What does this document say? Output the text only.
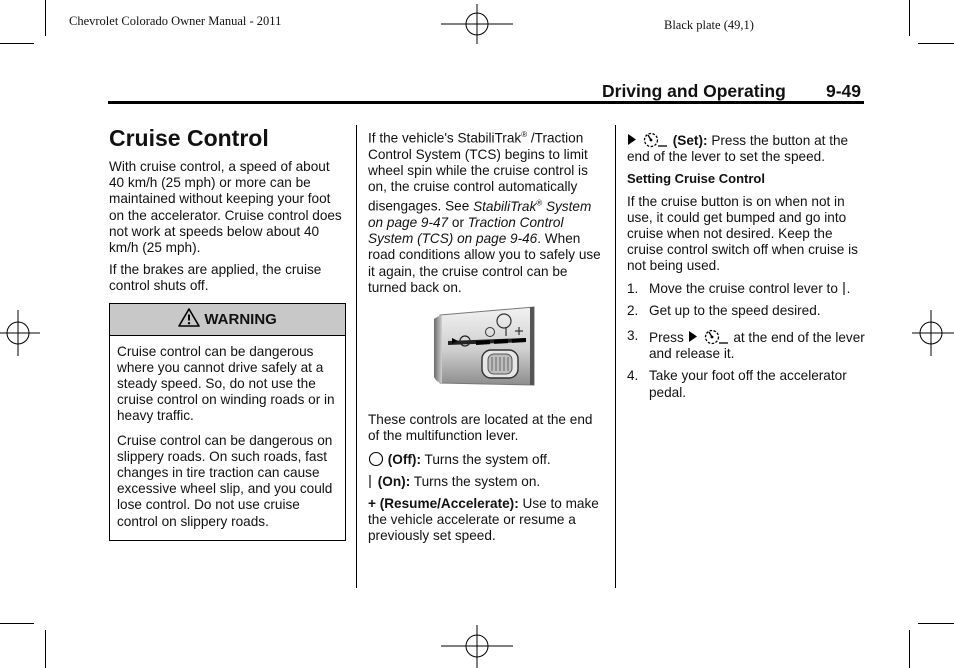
Chevrolet Colorado Owner Manual - 2011	Black plate (49,1)
Driving and Operating 9-49
Cruise Control

With cruise control, a speed of about 40 km/h (25 mph) or more can be maintained without keeping your foot on the accelerator. Cruise control does not work at speeds below about 40 km/h (25 mph).

If the brakes are applied, the cruise control shuts off.

WARNING

Cruise control can be dangerous where you cannot drive safely at a steady speed. So, do not use the cruise control on winding roads or in heavy traffic.

Cruise control can be dangerous on slippery roads. On such roads, fast changes in tire traction can cause excessive wheel slip, and you could lose control. Do not use cruise control on slippery roads.

If the vehicle's StabiliTrak® /Traction Control System (TCS) begins to limit wheel spin while the cruise control is on, the cruise control automatically disengages. See StabiliTrak® System on page 9-47 or Traction Control System (TCS) on page 9-46. When road conditions allow you to safely use it again, the cruise control can be turned back on.

These controls are located at the end of the multifunction lever.

(Off): Turns the system off.

(On): Turns the system on.

+ (Resume/Accelerate): Use to make the vehicle accelerate or resume a previously set speed.

(Set): Press the button at the end of the lever to set the speed.

Setting Cruise Control

If the cruise button is on when not in use, it could get bumped and go into cruise when not desired. Keep the cruise control switch off when cruise is not being used.

1. Move the cruise control lever to .
2. Get up to the speed desired.
3. Press	at the end of the lever and release it.
4. Take your foot off the accelerator pedal.
